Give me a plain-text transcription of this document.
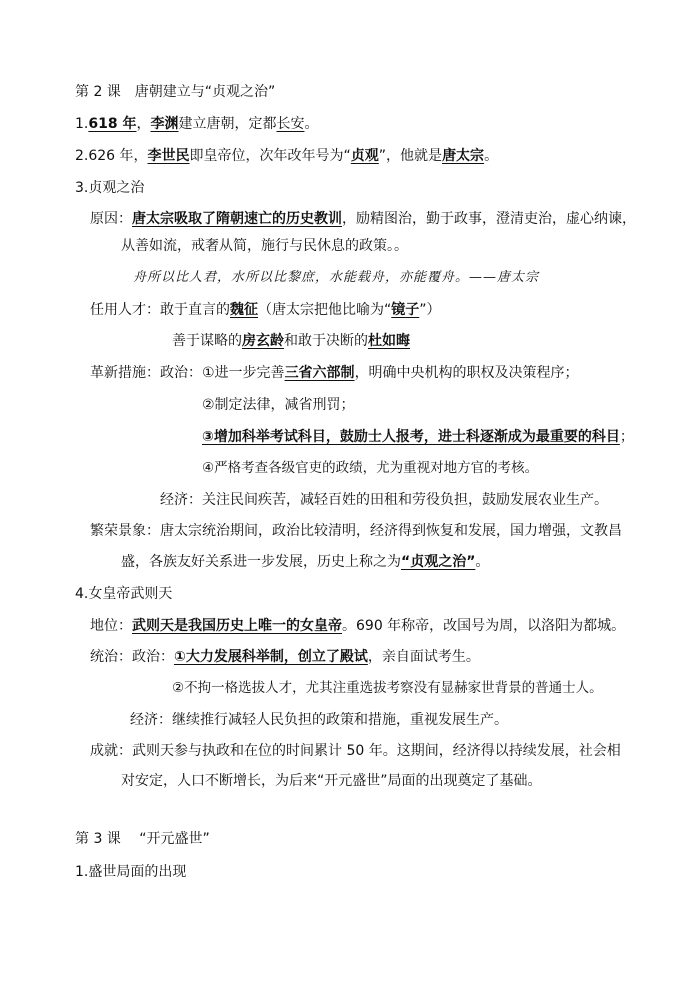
第 2 课　唐朝建立与“贞观之治”
1.618 年，李渊建立唐朝，定都长安。
2.626 年，李世民即皇帝位，次年改年号为“贞观”，他就是唐太宗。
3.贞观之治
原因：唐太宗吸取了隋朝速亡的历史教训，励精图治，勤于政事，澄清吏治，虚心纳谏，
从善如流，戒奢从简，施行与民休息的政策。。
舟所以比人君，水所以比黎庶，水能载舟，亦能覆舟。——唐太宗
任用人才：敢于直言的魏征（唐太宗把他比喻为“镜子”）
善于谋略的房玄龄和敢于决断的杜如晦
革新措施：政治：①进一步完善三省六部制，明确中央机构的职权及决策程序；
②制定法律，减省刑罚；
③增加科举考试科目，鼓励士人报考，进士科逐渐成为最重要的科目；
④严格考查各级官吏的政绩，尤为重视对地方官的考核。
经济：关注民间疾苦，减轻百姓的田租和劳役负担，鼓励发展农业生产。
繁荣景象：唐太宗统治期间，政治比较清明，经济得到恢复和发展，国力增强，文教昌
盛，各族友好关系进一步发展，历史上称之为“贞观之治”。
4.女皇帝武则天
地位：武则天是我国历史上唯一的女皇帝。690 年称帝，改国号为周，以洛阳为都城。
统治：政治：①大力发展科举制，创立了殿试，亲自面试考生。
②不拘一格选拔人才，尤其注重选拔考察没有显赫家世背景的普通士人。
经济：继续推行减轻人民负担的政策和措施，重视发展生产。
成就：武则天参与执政和在位的时间累计 50 年。这期间，经济得以持续发展，社会相
对安定，人口不断增长，为后来“开元盛世”局面的出现奠定了基础。
第 3 课　 “开元盛世”
1.盛世局面的出现
